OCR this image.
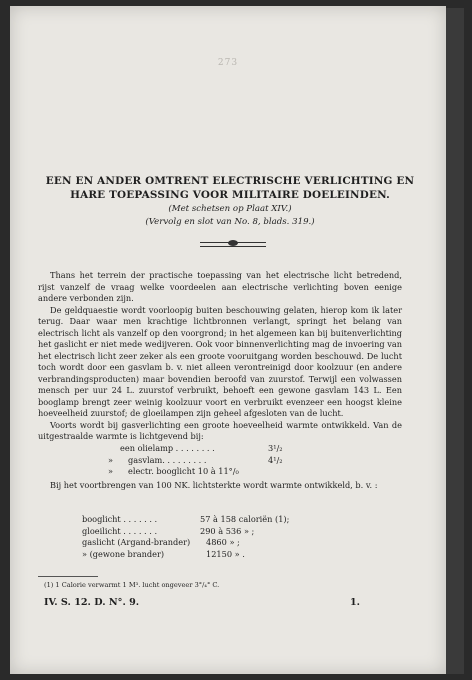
273
EEN EN ANDER OMTRENT ELECTRISCHE VERLICHTING EN
HARE TOEPASSING VOOR MILITAIRE DOELEINDEN.
(Met schetsen op Plaat XIV.)
(Vervolg en slot van No. 8, blads. 319.)

Thans het terrein der practische toepassing van het electrische licht betredend, rijst vanzelf de vraag welke voordeelen aan electrische verlichting boven eenige andere verbonden zijn.

De geldquaestie wordt voorloopig buiten beschouwing gelaten, hierop kom ik later terug. Daar waar men krachtige lichtbronnen verlangt, springt het belang van electrisch licht als vanzelf op den voorgrond; in het algemeen kan bij buitenverlichting het gaslicht er niet mede wedijveren. Ook voor binnenverlichting mag de invoering van het electrisch licht zeer zeker als een groote vooruitgang worden beschouwd. De lucht toch wordt door een gasvlam b. v. niet alleen verontreinigd door koolzuur (en andere verbrandingsproducten) maar bovendien beroofd van zuurstof. Terwijl een volwassen mensch per uur 24 L. zuurstof verbruikt, behoeft een gewone gasvlam 143 L. Een booglamp brengt zeer weinig koolzuur voort en verbruikt evenzeer een hoogst kleine hoeveelheid zuurstof; de gloeilampen zijn geheel afgesloten van de lucht.

Voorts wordt bij gasverlichting een groote hoeveelheid warmte ontwikkeld. Van de uitgestraalde warmte is lichtgevend bij:

een olielamp . . . . . . . .	3¹/₂
» gasvlam. . . . . . . . .	4¹/₂
» electr. booglicht 10 à 11°/₀

Bij het voortbrengen van 100 NK. lichtsterkte wordt warmte ontwikkeld, b. v. :

booglicht . . . . . . .	57 à 158 caloriën (1);
gloeilicht . . . . . . .	290 à 536 » ;
gaslicht (Argand-brander) 4860 » ;
» (gewone brander)	12150 » .
(1) 1 Calorie verwarmt 1 M³. lucht ongeveer 3°/₄° C.
IV. S. 12. D. N°. 9.	1.
